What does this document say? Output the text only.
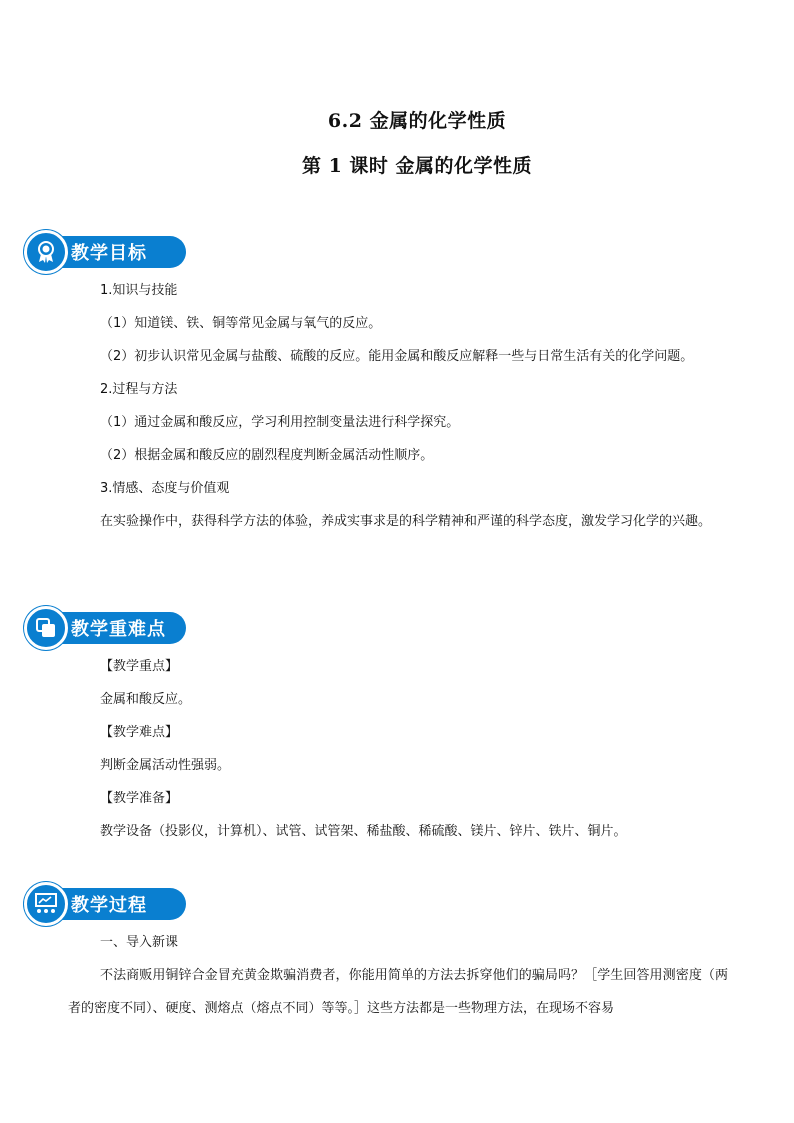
6.2 金属的化学性质
第 1 课时 金属的化学性质
教学目标
1.知识与技能
（1）知道镁、铁、铜等常见金属与氧气的反应。
（2）初步认识常见金属与盐酸、硫酸的反应。能用金属和酸反应解释一些与日常生活有关的化学问题。
2.过程与方法
（1）通过金属和酸反应，学习利用控制变量法进行科学探究。
（2）根据金属和酸反应的剧烈程度判断金属活动性顺序。
3.情感、态度与价值观
在实验操作中，获得科学方法的体验，养成实事求是的科学精神和严谨的科学态度，激发学习化学的兴趣。
教学重难点
【教学重点】
金属和酸反应。
【教学难点】
判断金属活动性强弱。
【教学准备】
教学设备（投影仪，计算机）、试管、试管架、稀盐酸、稀硫酸、镁片、锌片、铁片、铜片。
教学过程
一、导入新课
不法商贩用铜锌合金冒充黄金欺骗消费者，你能用简单的方法去拆穿他们的骗局吗？［学生回答用测密度（两者的密度不同）、硬度、测熔点（熔点不同）等等。］这些方法都是一些物理方法，在现场不容易
